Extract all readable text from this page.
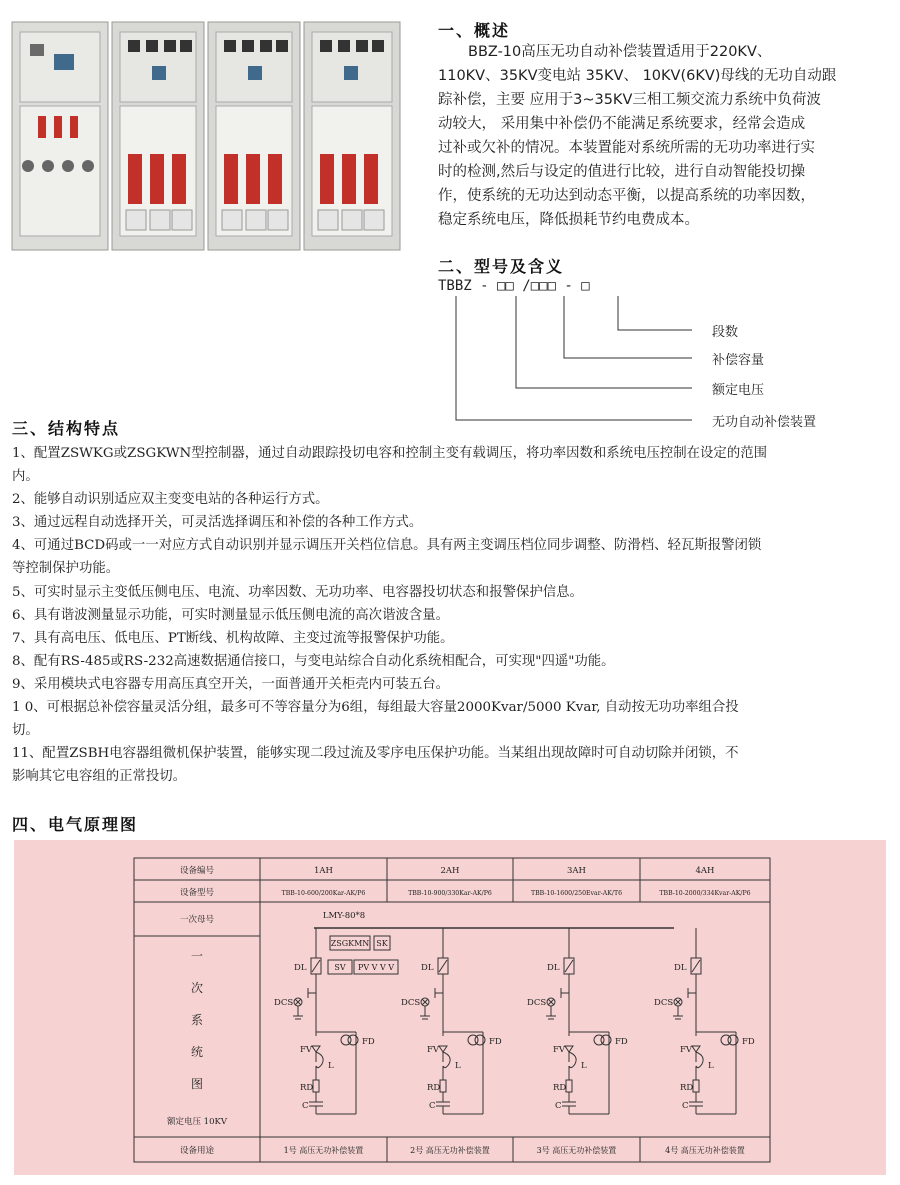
一、概述
BBZ-10高压无功自动补偿装置适用于220KV、
110KV、35KV变电站 35KV、 10KV(6KV)母线的无功自动跟
踪补偿，主要 应用于3~35KV三相工频交流力系统中负荷波
动较大， 采用集中补偿仍不能满足系统要求，经常会造成
过补或欠补的情况。本装置能对系统所需的无功功率进行实
时的检测,然后与设定的值进行比较，进行自动智能投切操
作，使系统的无功达到动态平衡，以提高系统的功率因数，
稳定系统电压，降低损耗节约电费成本。
二、型号及含义
TBBZ - □□ /□□□ - □
段数
补偿容量
额定电压
无功自动补偿装置
三、结构特点
1、配置ZSWKG或ZSGKWN型控制器，通过自动跟踪投切电容和控制主变有载调压，将功率因数和系统电压控制在设定的范围
内。
2、能够自动识别适应双主变变电站的各种运行方式。
3、通过远程自动选择开关，可灵活选择调压和补偿的各种工作方式。
4、可通过BCD码或一一对应方式自动识别并显示调压开关档位信息。具有两主变调压档位同步调整、防滑档、轻瓦斯报警闭锁
等控制保护功能。
5、可实时显示主变低压侧电压、电流、功率因数、无功功率、电容器投切状态和报警保护信息。
6、具有谐波测量显示功能，可实时测量显示低压侧电流的高次谐波含量。
7、具有高电压、低电压、PT断线、机构故障、主变过流等报警保护功能。
8、配有RS-485或RS-232高速数据通信接口，与变电站综合自动化系统相配合，可实现"四遥"功能。
9、采用模块式电容器专用高压真空开关，一面普通开关柜壳内可装五台。
1 0、可根据总补偿容量灵活分组，最多可不等容量分为6组，每组最大容量2000Kvar/5000 Kvar, 自动按无功功率组合投
切。
11、配置ZSBH电容器组微机保护装置，能够实现二段过流及零序电压保护功能。当某组出现故障时可自动切除并闭锁，不
影响其它电容组的正常投切。
四、电气原理图
1AH
TBB-10-600/200Kar-AK/P6
1号 高压无功补偿装置
DL
DCS
FD
FV
L
RD
C
2AH
TBB-10-900/330Kar-AK/P6
2号 高压无功补偿装置
DL
DCS
FD
FV
L
RD
C
3AH
TBB-10-1600/250Evar-AK/T6
3号 高压无功补偿装置
DL
DCS
FD
FV
L
RD
C
4AH
TBB-10-2000/334Kvar-AK/P6
4号 高压无功补偿装置
DL
DCS
FD
FV
L
RD
C
设备编号
设备型号
一次母号
一
次
系
统
图
额定电压 10KV
设备用途
LMY-80*8
ZSGKMN SK
SV PV V V V
